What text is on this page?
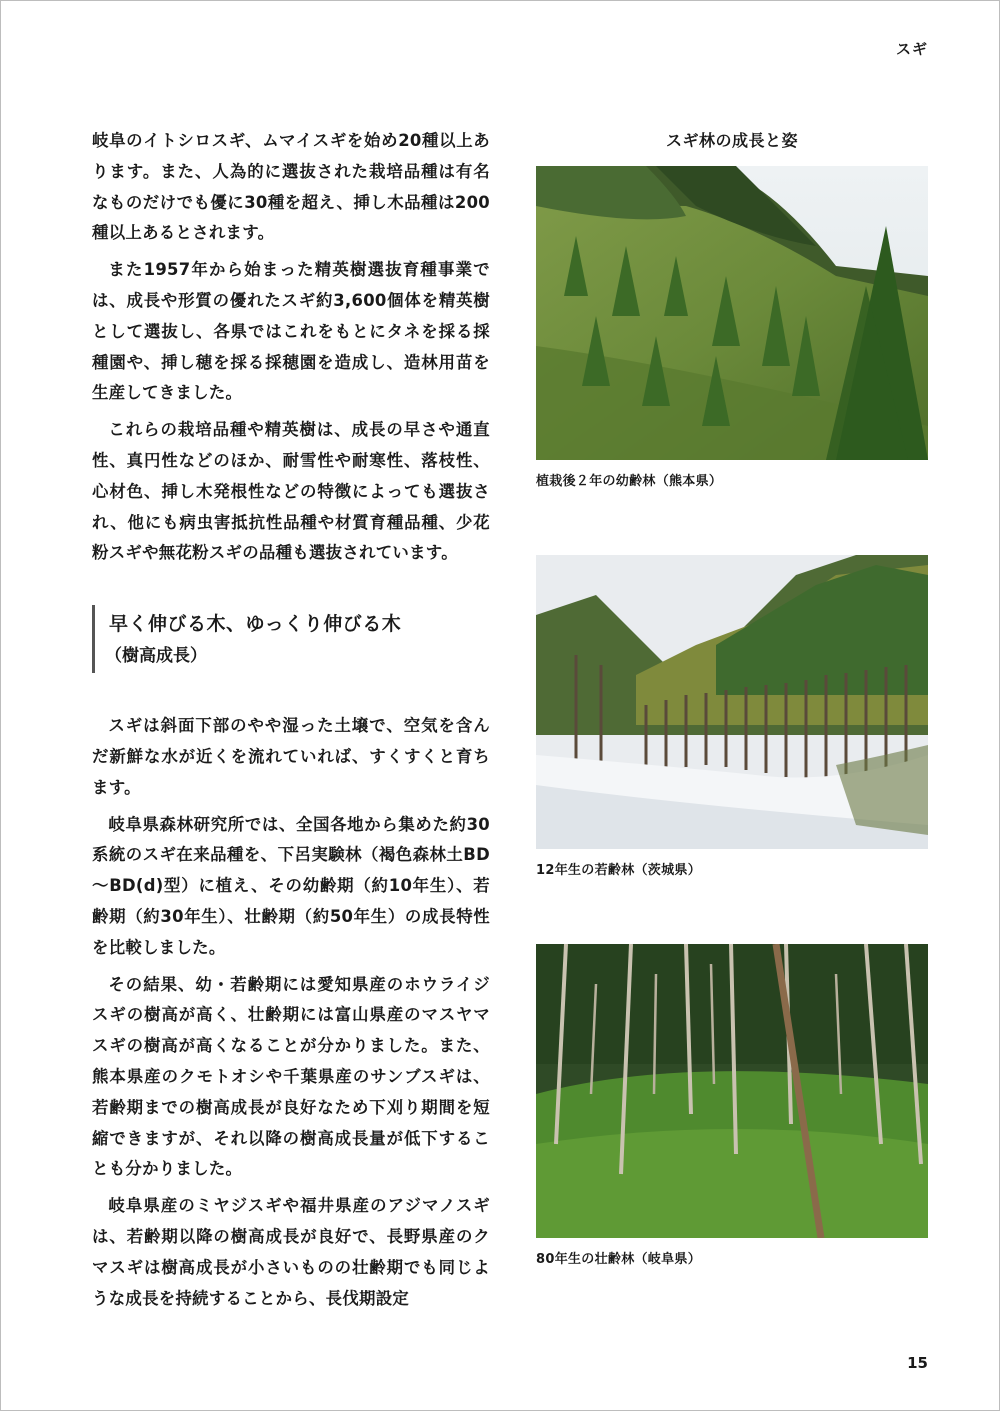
スギ

岐阜のイトシロスギ、ムマイスギを始め20種以上あります。また、人為的に選抜された栽培品種は有名なものだけでも優に30種を超え、挿し木品種は200種以上あるとされます。

また1957年から始まった精英樹選抜育種事業では、成長や形質の優れたスギ約3,600個体を精英樹として選抜し、各県ではこれをもとにタネを採る採種園や、挿し穂を採る採穂園を造成し、造林用苗を生産してきました。

これらの栽培品種や精英樹は、成長の早さや通直性、真円性などのほか、耐雪性や耐寒性、落枝性、心材色、挿し木発根性などの特徴によっても選抜され、他にも病虫害抵抗性品種や材質育種品種、少花粉スギや無花粉スギの品種も選抜されています。

早く伸びる木、ゆっくり伸びる木
（樹高成長）

スギは斜面下部のやや湿った土壌で、空気を含んだ新鮮な水が近くを流れていれば、すくすくと育ちます。

岐阜県森林研究所では、全国各地から集めた約30系統のスギ在来品種を、下呂実験林（褐色森林土BD～BD(d)型）に植え、その幼齢期（約10年生）、若齢期（約30年生）、壮齢期（約50年生）の成長特性を比較しました。

その結果、幼・若齢期には愛知県産のホウライジスギの樹高が高く、壮齢期には富山県産のマスヤマスギの樹高が高くなることが分かりました。また、熊本県産のクモトオシや千葉県産のサンブスギは、若齢期までの樹高成長が良好なため下刈り期間を短縮できますが、それ以降の樹高成長量が低下することも分かりました。

岐阜県産のミヤジスギや福井県産のアジマノスギは、若齢期以降の樹高成長が良好で、長野県産のクマスギは樹高成長が小さいものの壮齢期でも同じような成長を持続することから、長伐期設定

スギ林の成長と姿
植栽後２年の幼齢林（熊本県）
12年生の若齢林（茨城県）
80年生の壮齢林（岐阜県）
15
